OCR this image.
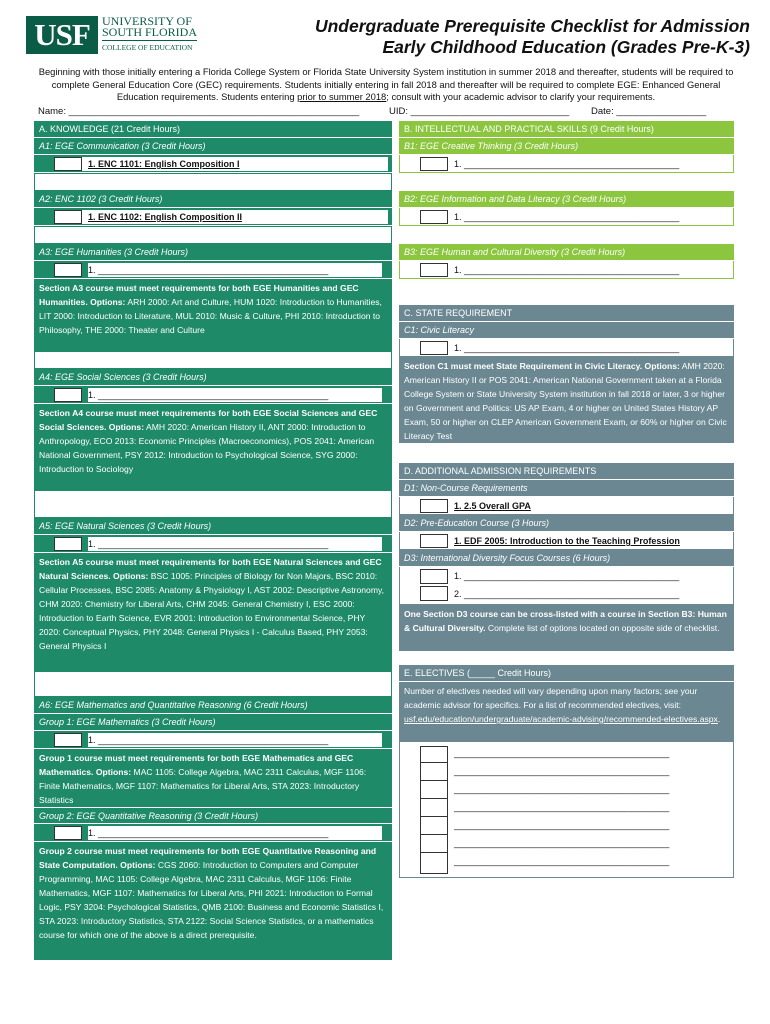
USF	UNIVERSITY OF
SOUTH FLORIDA
COLLEGE OF EDUCATION
Undergraduate Prerequisite Checklist for Admission
Early Childhood Education (Grades Pre-K-3)
Beginning with those initially entering a Florida College System or Florida State University System institution in summer 2018 and thereafter, students will be required to complete General Education Core (GEC) requirements. Students initially entering in fall 2018 and thereafter will be required to complete EGE: Enhanced General Education requirements. Students entering prior to summer 2018; consult with your academic advisor to clarify your requirements.
Name: _______________________________________________________	UID: ______________________________ Date: _________________
A. KNOWLEDGE (21 Credit Hours)
A1: EGE Communication (3 Credit Hours)
1. ENC 1101: English Composition I
A2: ENC 1102 (3 Credit Hours)
1. ENC 1102: English Composition II
A3: EGE Humanities (3 Credit Hours)
1. ______________________________________________
Section A3 course must meet requirements for both EGE Humanities and GEC Humanities. Options: ARH 2000: Art and Culture, HUM 1020: Introduction to Humanities, LIT 2000: Introduction to Literature, MUL 2010: Music & Culture, PHI 2010: Introduction to Philosophy, THE 2000: Theater and Culture
A4: EGE Social Sciences (3 Credit Hours)
1. ______________________________________________
Section A4 course must meet requirements for both EGE Social Sciences and GEC Social Sciences. Options: AMH 2020: American History II, ANT 2000: Introduction to Anthropology, ECO 2013: Economic Principles (Macroeconomics), POS 2041: American National Government, PSY 2012: Introduction to Psychological Science, SYG 2000: Introduction to Sociology
A5: EGE Natural Sciences (3 Credit Hours)
1. ______________________________________________
Section A5 course must meet requirements for both EGE Natural Sciences and GEC Natural Sciences. Options: BSC 1005: Principles of Biology for Non Majors, BSC 2010: Cellular Processes, BSC 2085: Anatomy & Physiology I, AST 2002: Descriptive Astronomy, CHM 2020: Chemistry for Liberal Arts, CHM 2045: General Chemistry I, ESC 2000: Introduction to Earth Science, EVR 2001: Introduction to Environmental Science, PHY 2020: Conceptual Physics, PHY 2048: General Physics I - Calculus Based, PHY 2053: General Physics I
A6: EGE Mathematics and Quantitative Reasoning (6 Credit Hours)
Group 1: EGE Mathematics (3 Credit Hours)
1. ______________________________________________
Group 1 course must meet requirements for both EGE Mathematics and GEC Mathematics. Options: MAC 1105: College Algebra, MAC 2311 Calculus, MGF 1106: Finite Mathematics, MGF 1107: Mathematics for Liberal Arts, STA 2023: Introductory Statistics
Group 2: EGE Quantitative Reasoning (3 Credit Hours)
1. ______________________________________________
Group 2 course must meet requirements for both EGE Quantitative Reasoning and State Computation. Options: CGS 2060: Introduction to Computers and Computer Programming, MAC 1105: College Algebra, MAC 2311 Calculus, MGF 1106: Finite Mathematics, MGF 1107: Mathematics for Liberal Arts, PHI 2021: Introduction to Formal Logic, PSY 3204: Psychological Statistics, QMB 2100: Business and Economic Statistics I, STA 2023: Introductory Statistics, STA 2122: Social Science Statistics, or a mathematics course for which one of the above is a direct prerequisite.
B. INTELLECTUAL AND PRACTICAL SKILLS (9 Credit Hours)
B1: EGE Creative Thinking (3 Credit Hours)
1. ___________________________________________
B2: EGE Information and Data Literacy (3 Credit Hours)
1. ___________________________________________
B3: EGE Human and Cultural Diversity (3 Credit Hours)
1. ___________________________________________
C. STATE REQUIREMENT
C1: Civic Literacy
1. ___________________________________________
Section C1 must meet State Requirement in Civic Literacy. Options: AMH 2020: American History II or POS 2041: American National Government taken at a Florida College System or State University System institution in fall 2018 or later, 3 or higher on Government and Politics: US AP Exam, 4 or higher on United States History AP Exam, 50 or higher on CLEP American Government Exam, or 60% or higher on Civic Literacy Test
D. ADDITIONAL ADMISSION REQUIREMENTS
D1: Non-Course Requirements
1. 2.5 Overall GPA
D2: Pre-Education Course (3 Hours)
1. EDF 2005: Introduction to the Teaching Profession
D3: International Diversity Focus Courses (6 Hours)
1. ___________________________________________
2. ___________________________________________
One Section D3 course can be cross-listed with a course in Section B3: Human & Cultural Diversity. Complete list of options located on opposite side of checklist.
E. ELECTIVES (_____ Credit Hours)
Number of electives needed will vary depending upon many factors; see your academic advisor for specifics. For a list of recommended electives, visit: usf.edu/education/undergraduate/academic-advising/recommended-electives.aspx.
___________________________________________
___________________________________________
___________________________________________
___________________________________________
___________________________________________
___________________________________________
___________________________________________
